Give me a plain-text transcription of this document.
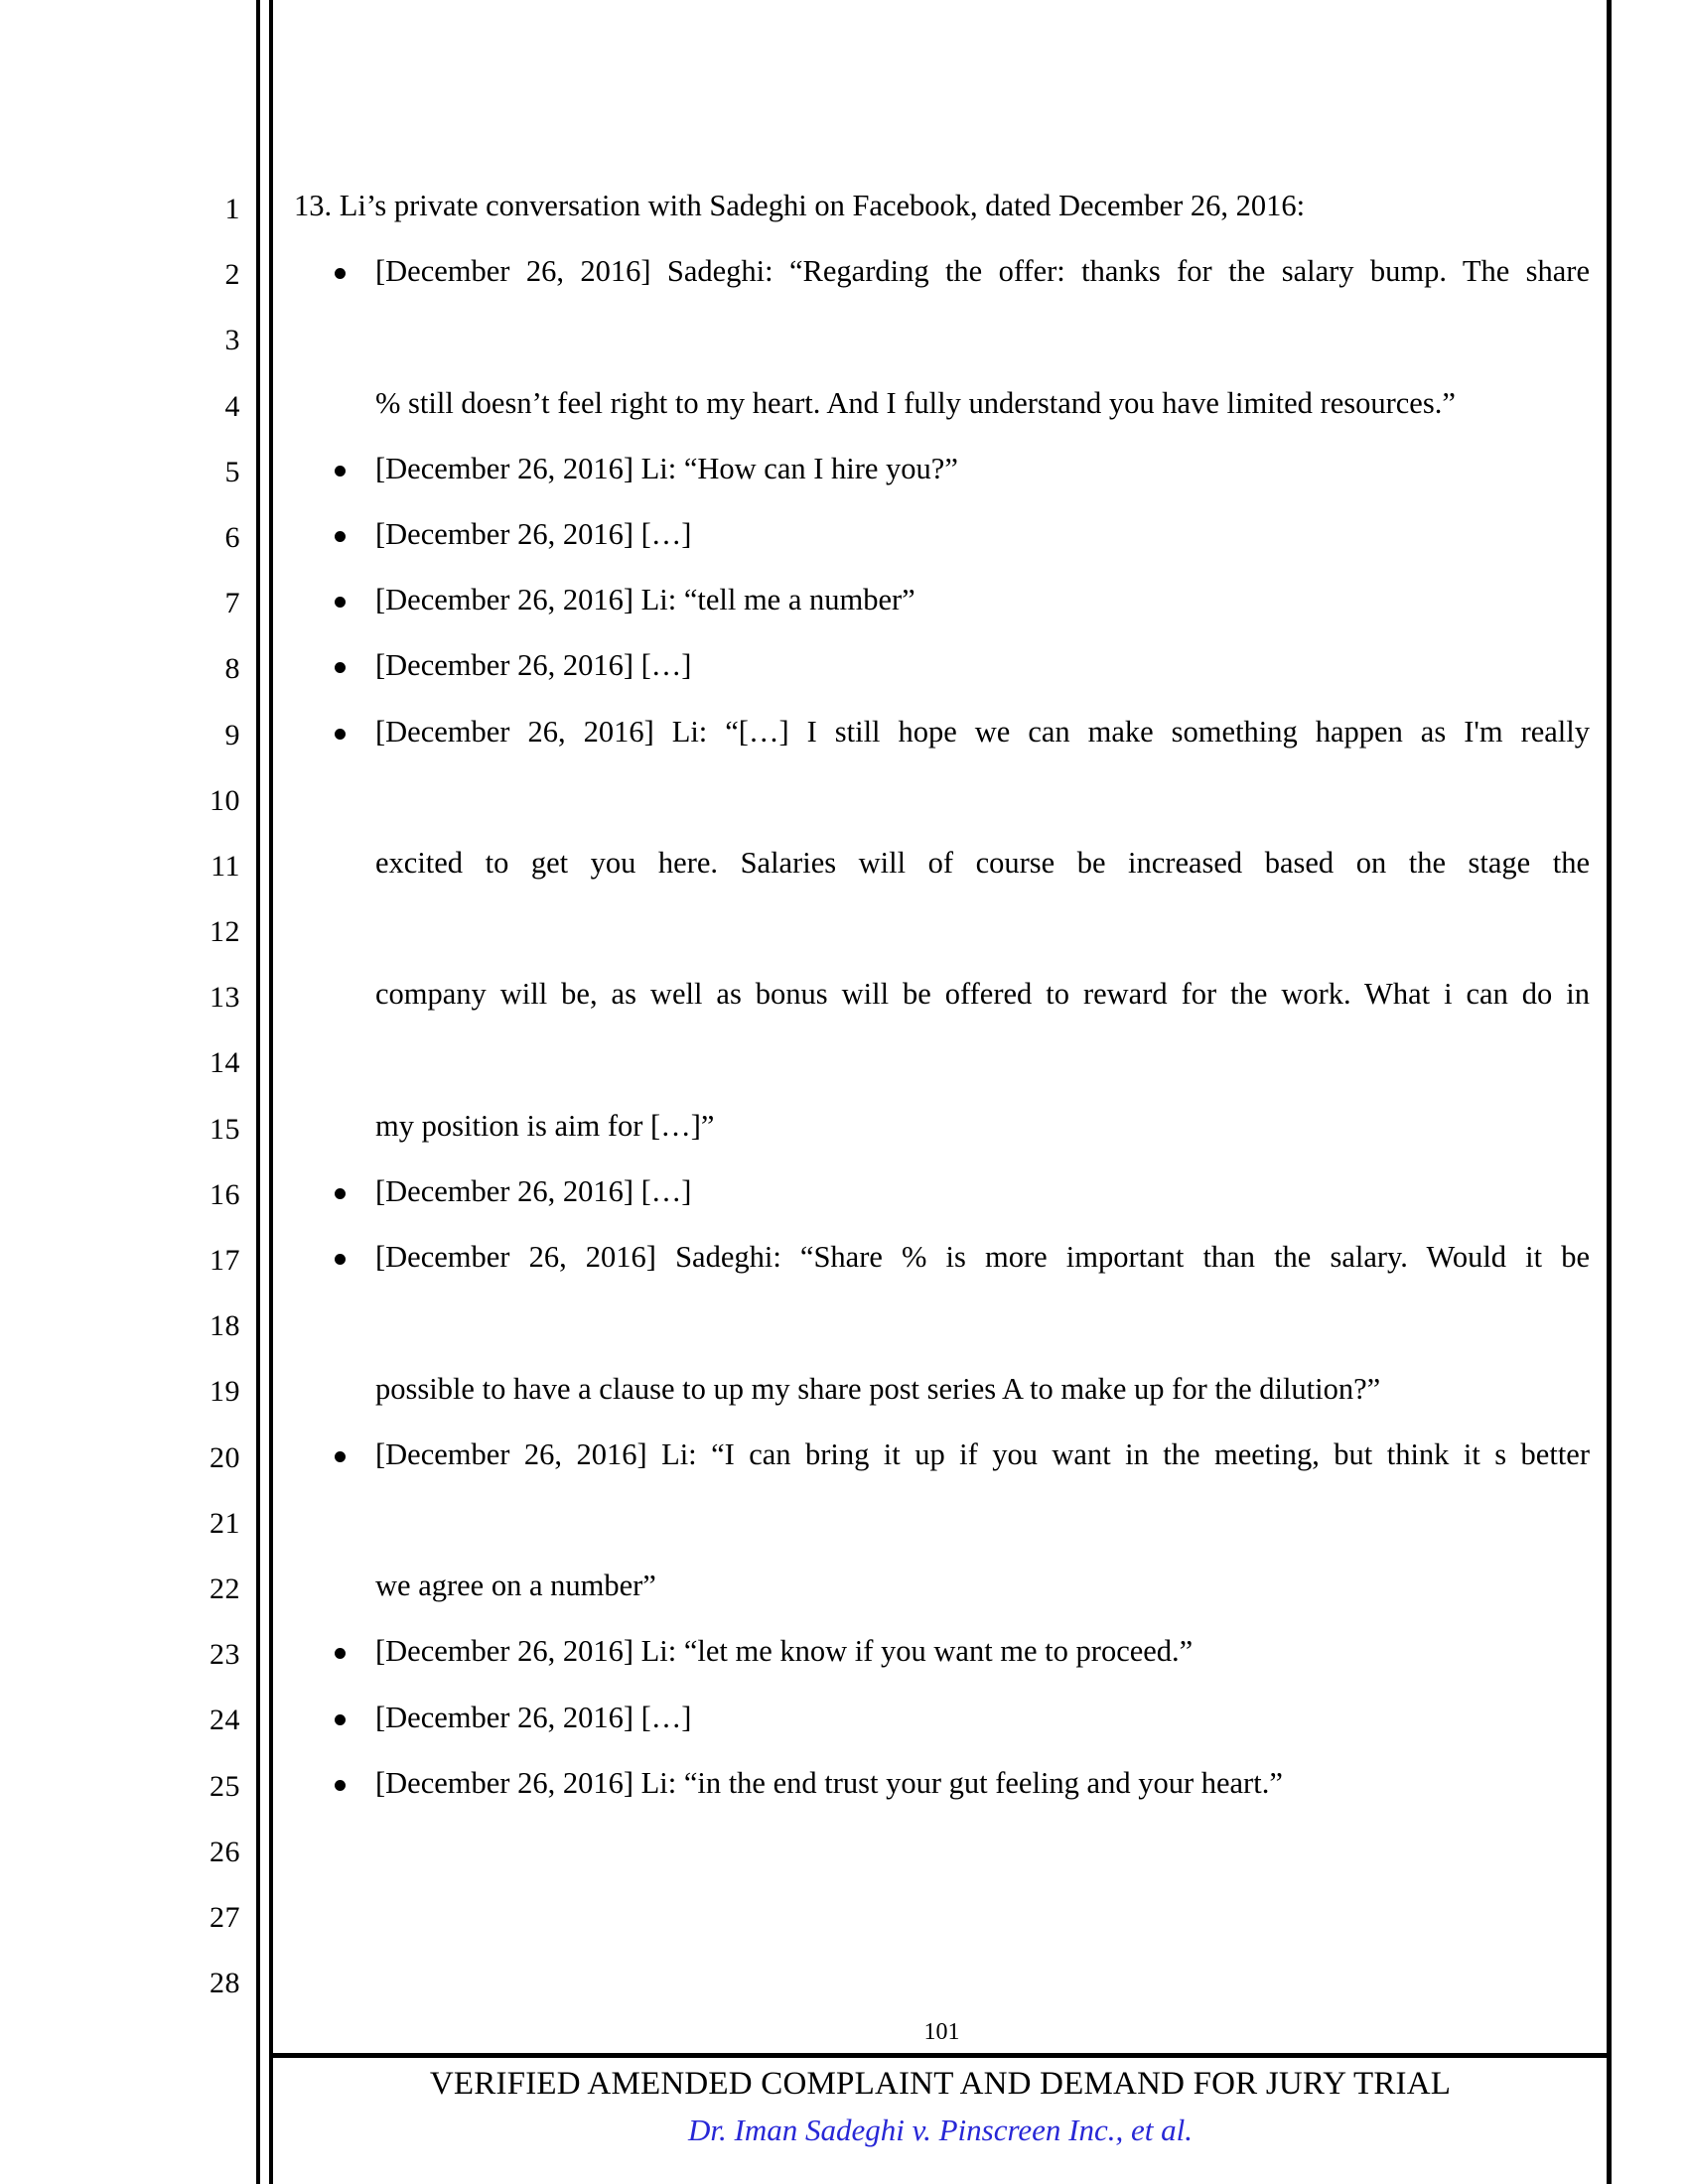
1
2
3
4
5
6
7
8
9
10
11
12
13
14
15
16
17
18
19
20
21
22
23
24
25
26
27
28
13. Li’s private conversation with Sadeghi on Facebook, dated December 26, 2016:
[December 26, 2016] Sadeghi: “Regarding the offer: thanks for the salary bump. The share % still doesn’t feel right to my heart. And I fully understand you have limited resources.”
[December 26, 2016] Li: “How can I hire you?”
[December 26, 2016] […]
[December 26, 2016] Li: “tell me a number”
[December 26, 2016] […]
[December 26, 2016] Li: “[…] I still hope we can make something happen as I'm really excited to get you here. Salaries will of course be increased based on the stage the company will be, as well as bonus will be offered to reward for the work. What i can do in my position is aim for […]”
[December 26, 2016] […]
[December 26, 2016] Sadeghi: “Share % is more important than the salary. Would it be possible to have a clause to up my share post series A to make up for the dilution?”
[December 26, 2016] Li: “I can bring it up if you want in the meeting, but think it s better we agree on a number”
[December 26, 2016] Li: “let me know if you want me to proceed.”
[December 26, 2016] […]
[December 26, 2016] Li: “in the end trust your gut feeling and your heart.”
101
VERIFIED AMENDED COMPLAINT AND DEMAND FOR JURY TRIAL
Dr. Iman Sadeghi v. Pinscreen Inc., et al.
